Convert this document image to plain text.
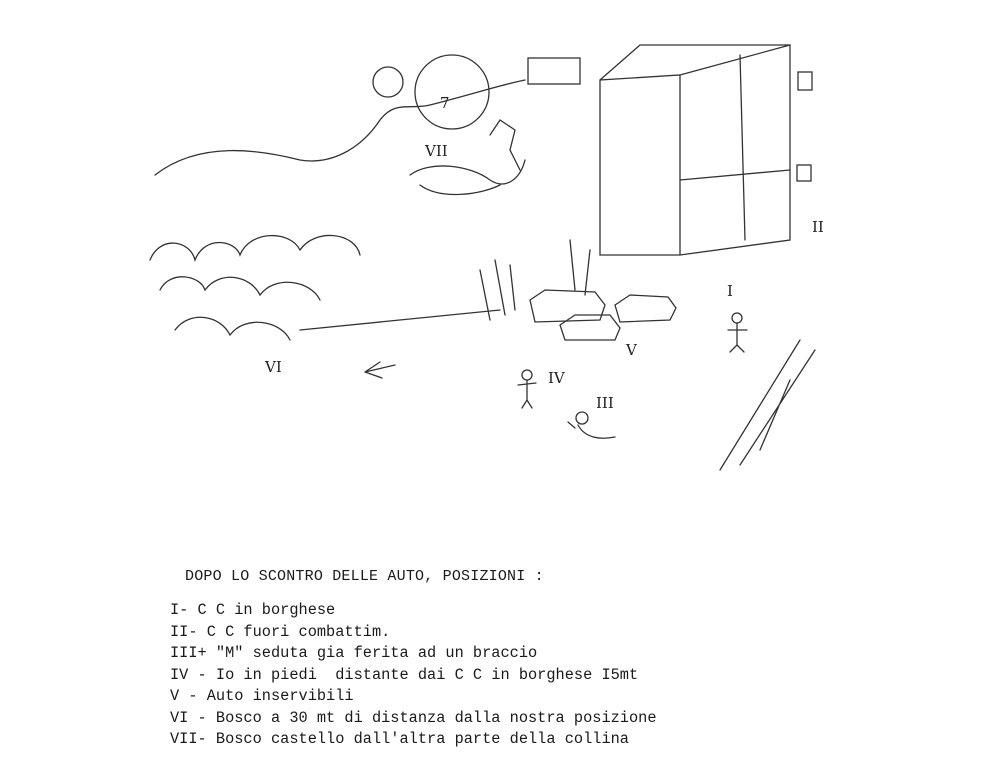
7
I
II
III
IV
V
VI
VII
DOPO LO SCONTRO DELLE AUTO, POSIZIONI :
I- C C in borghese
II- C C fuori combattim.
III+ "M" seduta gia ferita ad un braccio
IV - Io in piedi  distante dai C C in borghese I5mt
V - Auto inservibili
VI - Bosco a 30 mt di distanza dalla nostra posizione
VII- Bosco castello dall'altra parte della collina
